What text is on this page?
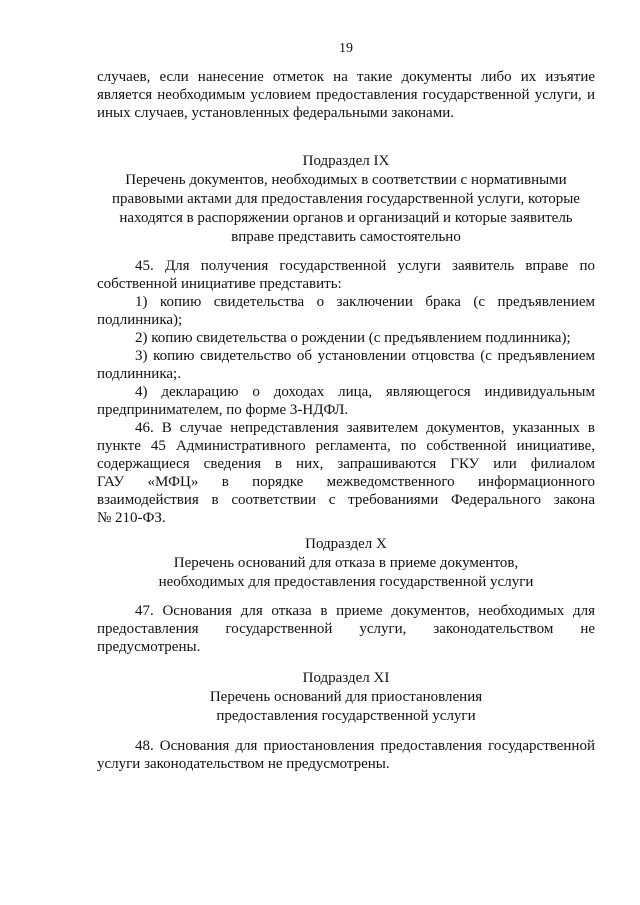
19
случаев, если нанесение отметок на такие документы либо их изъятие
является необходимым условием предоставления государственной услуги, и
иных случаев, установленных федеральными законами.
Подраздел IX
Перечень документов, необходимых в соответствии с нормативными
правовыми актами для предоставления государственной услуги, которые
находятся в распоряжении органов и организаций и которые заявитель
вправе представить самостоятельно
45. Для получения государственной услуги заявитель вправе по
собственной инициативе представить:
1) копию свидетельства о заключении брака (с предъявлением
подлинника);
2) копию свидетельства о рождении (с предъявлением подлинника);
3) копию свидетельство об установлении отцовства (с предъявлением
подлинника;.
4) декларацию о доходах лица, являющегося индивидуальным
предпринимателем, по форме 3-НДФЛ.
46. В случае непредставления заявителем документов, указанных в
пункте 45 Административного регламента, по собственной инициативе,
содержащиеся сведения в них, запрашиваются ГКУ или филиалом
ГАУ «МФЦ» в порядке межведомственного информационного
взаимодействия в соответствии с требованиями Федерального закона
№ 210-ФЗ.
Подраздел X
Перечень оснований для отказа в приеме документов,
необходимых для предоставления государственной услуги
47. Основания для отказа в приеме документов, необходимых для
предоставления государственной услуги, законодательством не
предусмотрены.
Подраздел XI
Перечень оснований для приостановления
предоставления государственной услуги
48. Основания для приостановления предоставления государственной
услуги законодательством не предусмотрены.
